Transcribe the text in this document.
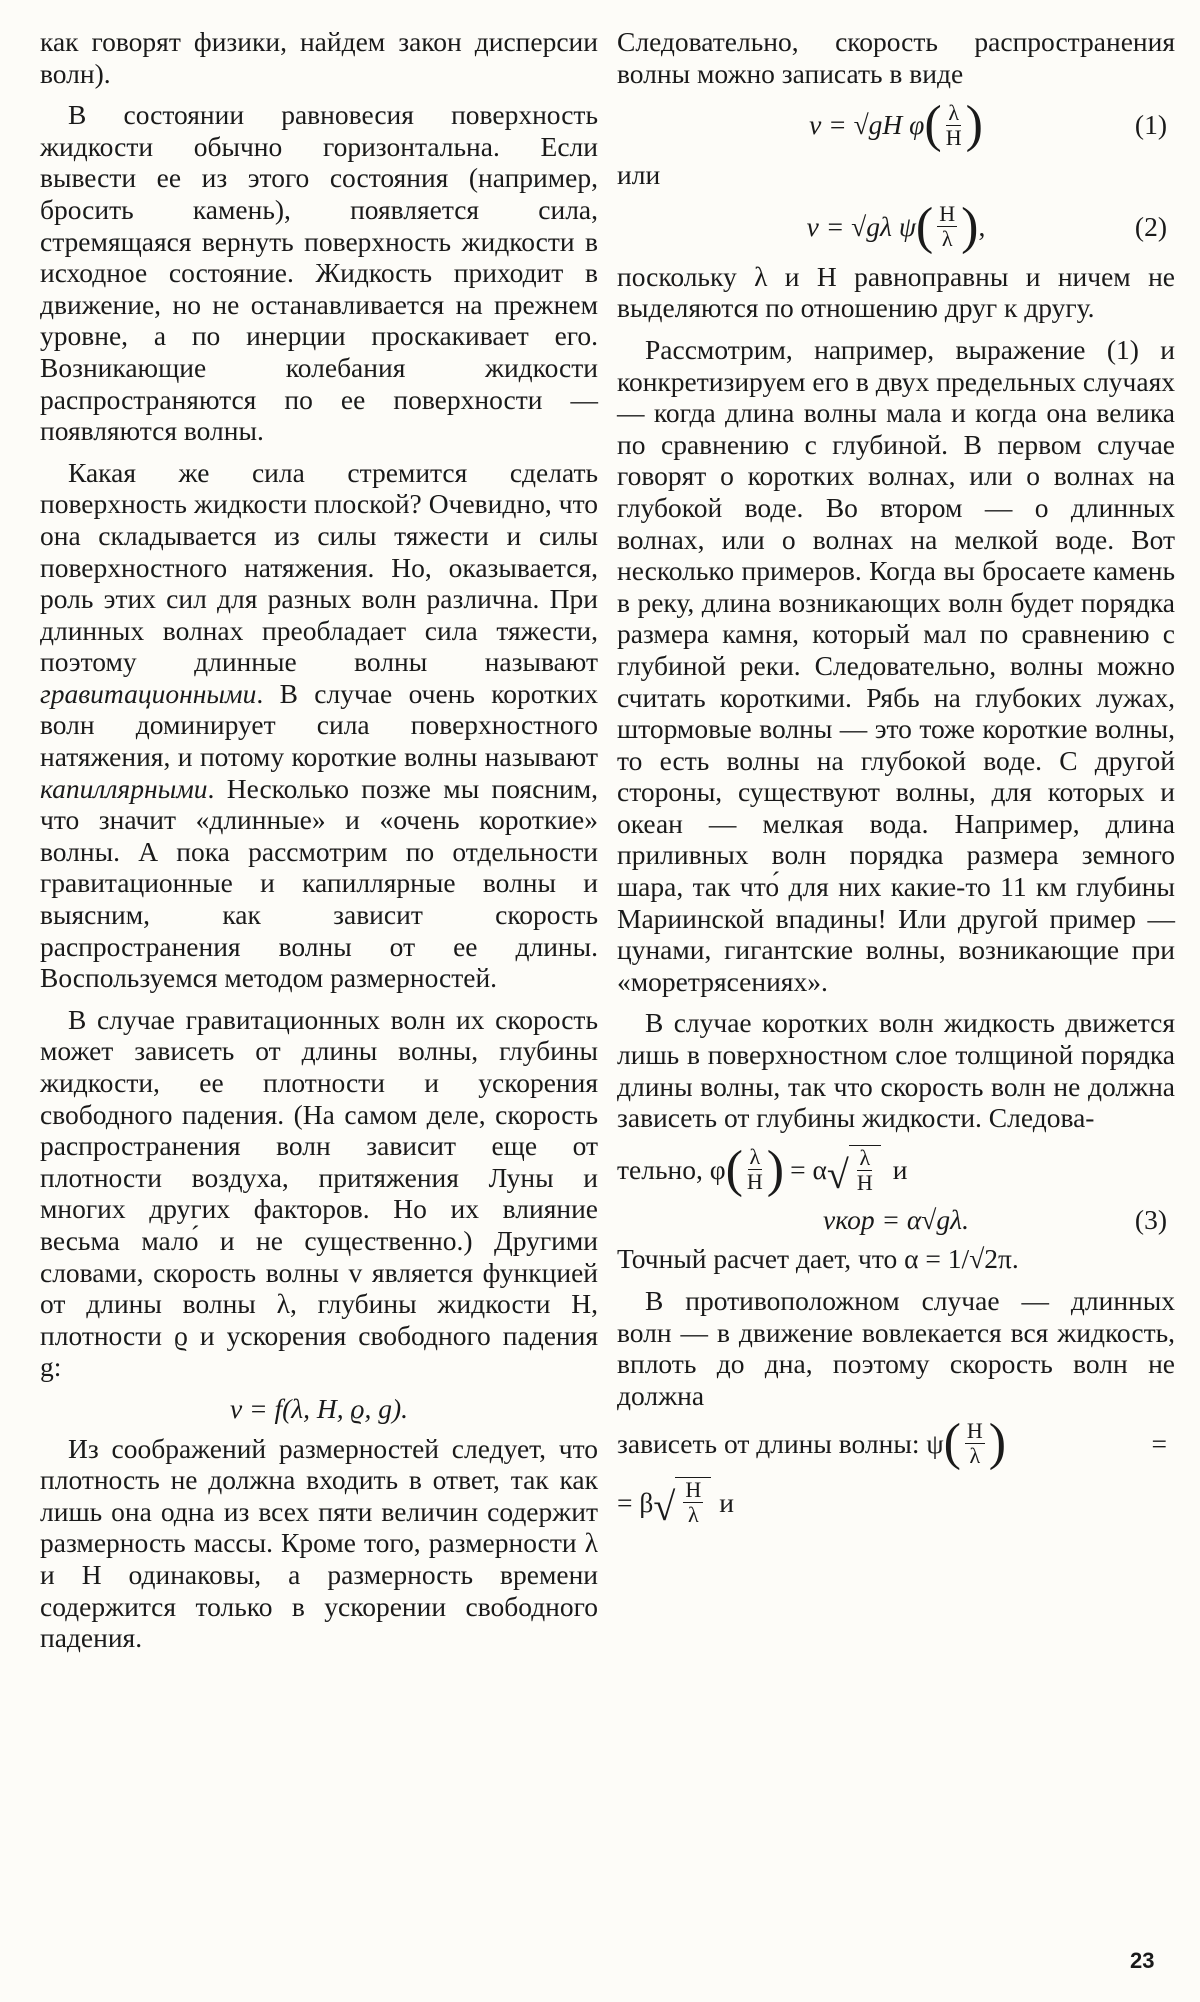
как говорят физики, найдем закон дисперсии волн).

В состоянии равновесия поверхность жидкости обычно горизонтальна. Если вывести ее из этого состояния (например, бросить камень), появляется сила, стремящаяся вернуть поверхность жидкости в исходное состояние. Жидкость приходит в движение, но не останавливается на прежнем уровне, а по инерции проскакивает его. Возникающие колебания жидкости распространяются по ее поверхности — появляются волны.

Какая же сила стремится сделать поверхность жидкости плоской? Очевидно, что она складывается из силы тяжести и силы поверхностного натяжения. Но, оказывается, роль этих сил для разных волн различна. При длинных волнах преобладает сила тяжести, поэтому длинные волны называют гравитационными. В случае очень коротких волн доминирует сила поверхностного натяжения, и потому короткие волны называют капиллярными. Несколько позже мы поясним, что значит «длинные» и «очень короткие» волны. А пока рассмотрим по отдельности гравитационные и капиллярные волны и выясним, как зависит скорость распространения волны от ее длины. Воспользуемся методом размерностей.

В случае гравитационных волн их скорость может зависеть от длины волны, глубины жидкости, ее плотности и ускорения свободного падения. (На самом деле, скорость распространения волн зависит еще от плотности воздуха, притяжения Луны и многих других факторов. Но их влияние весьма мало́ и не существенно.) Другими словами, скорость волны v является функцией от длины волны λ, глубины жидкости H, плотности ϱ и ускорения свободного падения g:

v = f(λ, H, ϱ, g).

Из соображений размерностей следует, что плотность не должна входить в ответ, так как лишь она одна из всех пяти величин содержит размерность массы. Кроме того, размерности λ и H одинаковы, а размерность времени содержится только в ускорении свободного падения.

Следовательно, скорость распространения волны можно записать в виде

v = √gH φ ( $\frac{\lambda}{H}$ )	(1)

или

v = √gλ ψ ( $\frac{H}{\lambda}$ ) ,	(2)

поскольку λ и H равноправны и ничем не выделяются по отношению друг к другу.

Рассмотрим, например, выражение (1) и конкретизируем его в двух предельных случаях — когда длина волны мала и когда она велика по сравнению с глубиной. В первом случае говорят о коротких волнах, или о волнах на глубокой воде. Во втором — о длинных волнах, или о волнах на мелкой воде. Вот несколько примеров. Когда вы бросаете камень в реку, длина возникающих волн будет порядка размера камня, который мал по сравнению с глубиной реки. Следовательно, волны можно считать короткими. Рябь на глубоких лужах, штормовые волны — это тоже короткие волны, то есть волны на глубокой воде. С другой стороны, существуют волны, для которых и океан — мелкая вода. Например, длина приливных волн порядка размера земного шара, так что́ для них какие-то 11 км глубины Мариинской впадины! Или другой пример — цунами, гигантские волны, возникающие при «моретрясениях».

В случае коротких волн жидкость движется лишь в поверхностном слое толщиной порядка длины волны, так что скорость волн не должна зависеть от глубины жидкости. Следова-

тельно, φ ( $\frac{\lambda}{H}$ ) = α √ $\frac{\lambda}{H}$ и
vкор = α√gλ.	(3)

Точный расчет дает, что α = 1/√2π.

В противоположном случае — длинных волн — в движение вовлекается вся жидкость, вплоть до дна, поэтому скорость волн не должна

зависеть от длины волны: ψ ( $\frac{H}{\lambda}$ )	=
= β √ $\frac{H}{\lambda}$ и
23
